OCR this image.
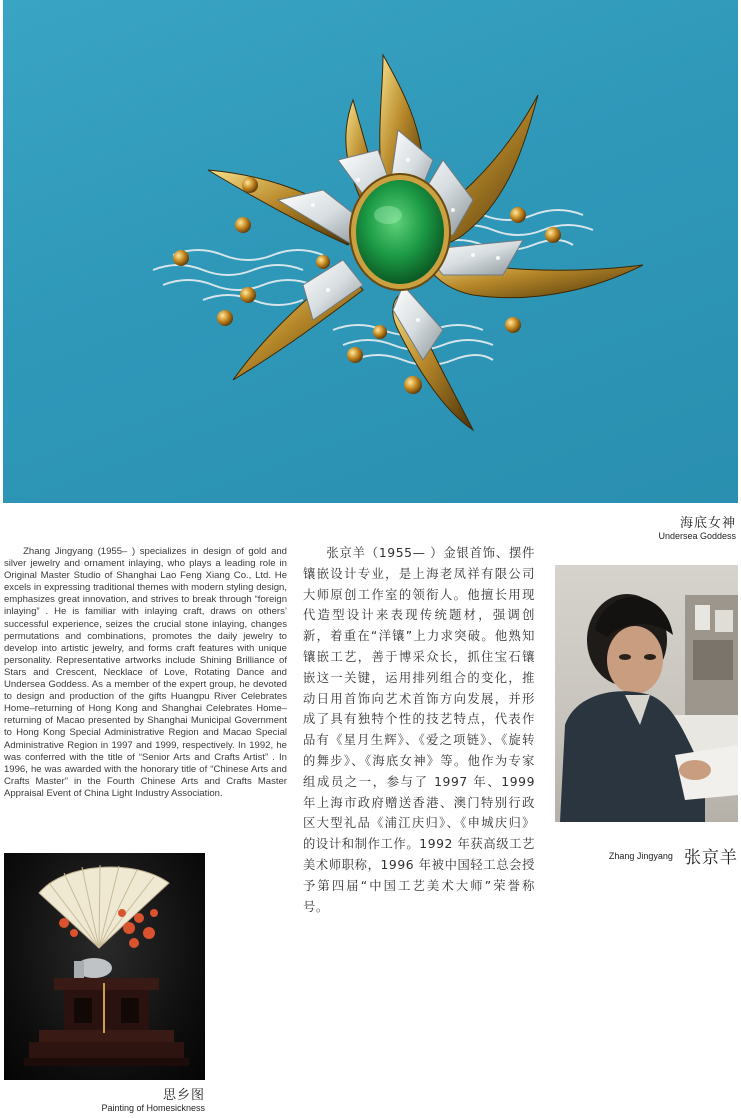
海底女神
Undersea Goddess
Zhang Jingyang (1955– ) specializes in design of gold and silver jewelry and ornament inlaying, who plays a leading role in Original Master Studio of Shanghai Lao Feng Xiang Co., Ltd. He excels in expressing traditional themes with modern styling design, emphasizes great innovation, and strives to break through “foreign inlaying” . He is familiar with inlaying craft, draws on others’ successful experience, seizes the crucial stone inlaying, changes permutations and combinations, promotes the daily jewelry to develop into artistic jewelry, and forms craft features with unique personality. Representative artworks include Shining Brilliance of Stars and Crescent, Necklace of Love, Rotating Dance and Undersea Goddess. As a member of the expert group, he devoted to design and production of the gifts Huangpu River Celebrates Home–returning of Hong Kong and Shanghai Celebrates Home–returning of Macao presented by Shanghai Municipal Government to Hong Kong Special Administrative Region and Macao Special Administrative Region in 1997 and 1999, respectively. In 1992, he was conferred with the title of “Senior Arts and Crafts Artist” . In 1996, he was awarded with the honorary title of “Chinese Arts and Crafts Master” in the Fourth Chinese Arts and Crafts Master Appraisal Event of China Light Industry Association.
张京羊（1955— ）金银首饰、摆件镶嵌设计专业，是上海老凤祥有限公司大师原创工作室的领衔人。他擅长用现代造型设计来表现传统题材，强调创新，着重在“洋镶”上力求突破。他熟知镶嵌工艺，善于博采众长，抓住宝石镶嵌这一关键，运用排列组合的变化，推动日用首饰向艺术首饰方向发展，并形成了具有独特个性的技艺特点，代表作品有《星月生辉》、《爱之项链》、《旋转的舞步》、《海底女神》等。他作为专家组成员之一，参与了 1997 年、1999 年上海市政府赠送香港、澳门特别行政区大型礼品《浦江庆归》、《申城庆归》的设计和制作工作。1992 年获高级工艺美术师职称，1996 年被中国轻工总会授予第四届“中国工艺美术大师”荣誉称号。
Zhang Jingyang 张京羊
思乡图
Painting of Homesickness
